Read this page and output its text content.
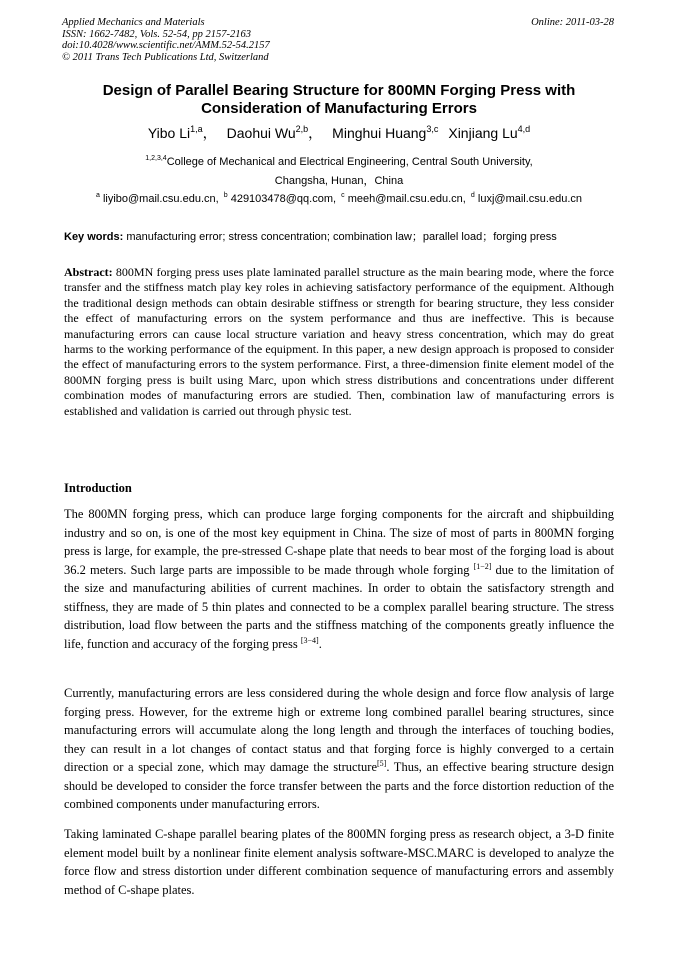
Applied Mechanics and Materials
ISSN: 1662-7482, Vols. 52-54, pp 2157-2163
doi:10.4028/www.scientific.net/AMM.52-54.2157
© 2011 Trans Tech Publications Ltd, Switzerland
Online: 2011-03-28
Design of Parallel Bearing Structure for 800MN Forging Press with
Consideration of Manufacturing Errors
Yibo Li$^{1,a}$， Daohui Wu$^{2,b}$， Minghui Huang$^{3,c}$ Xinjiang Lu$^{4,d}$
$^{1,2,3,4}$College of Mechanical and Electrical Engineering, Central South University,
Changsha, Hunan，China
$^a$ liyibo@mail.csu.edu.cn, $^b$ 429103478@qq.com, $^c$ meeh@mail.csu.edu.cn, $^d$ luxj@mail.csu.edu.cn
Key words: manufacturing error; stress concentration; combination law；parallel load；forging press
Abstract: 800MN forging press uses plate laminated parallel structure as the main bearing mode, where the force transfer and the stiffness match play key roles in achieving satisfactory performance of the equipment. Although the traditional design methods can obtain desirable stiffness or strength for bearing structure, they less consider the effect of manufacturing errors on the system performance and thus are ineffective. This is because manufacturing errors can cause local structure variation and heavy stress concentration, which may do great harms to the working performance of the equipment. In this paper, a new design approach is proposed to consider the effect of manufacturing errors to the system performance. First, a three-dimension finite element model of the 800MN forging press is built using Marc, upon which stress distributions and concentrations under different combination modes of manufacturing errors are studied. Then, combination law of manufacturing errors is established and validation is carried out through physic test.
Introduction
The 800MN forging press, which can produce large forging components for the aircraft and shipbuilding industry and so on, is one of the most key equipment in China. The size of most of parts in 800MN forging press is large, for example, the pre-stressed C-shape plate that needs to bear most of the forging load is about 36.2 meters. Such large parts are impossible to be made through whole forging [1−2] due to the limitation of the size and manufacturing abilities of current machines. In order to obtain the satisfactory strength and stiffness, they are made of 5 thin plates and connected to be a complex parallel bearing structure. The stress distribution, load flow between the parts and the stiffness matching of the components greatly influence the life, function and accuracy of the forging press [3−4].
Currently, manufacturing errors are less considered during the whole design and force flow analysis of large forging press. However, for the extreme high or extreme long combined parallel bearing structures, since manufacturing errors will accumulate along the long length and through the interfaces of touching bodies, they can result in a lot changes of contact status and that forging force is highly converged to a certain direction or a special zone, which may damage the structure[5]. Thus, an effective bearing structure design should be developed to consider the force transfer between the parts and the force distortion reduction of the combined components under manufacturing errors.
Taking laminated C-shape parallel bearing plates of the 800MN forging press as research object, a 3-D finite element model built by a nonlinear finite element analysis software-MSC.MARC is developed to analyze the force flow and stress distortion under different combination sequence of manufacturing errors and assembly method of C-shape plates.
